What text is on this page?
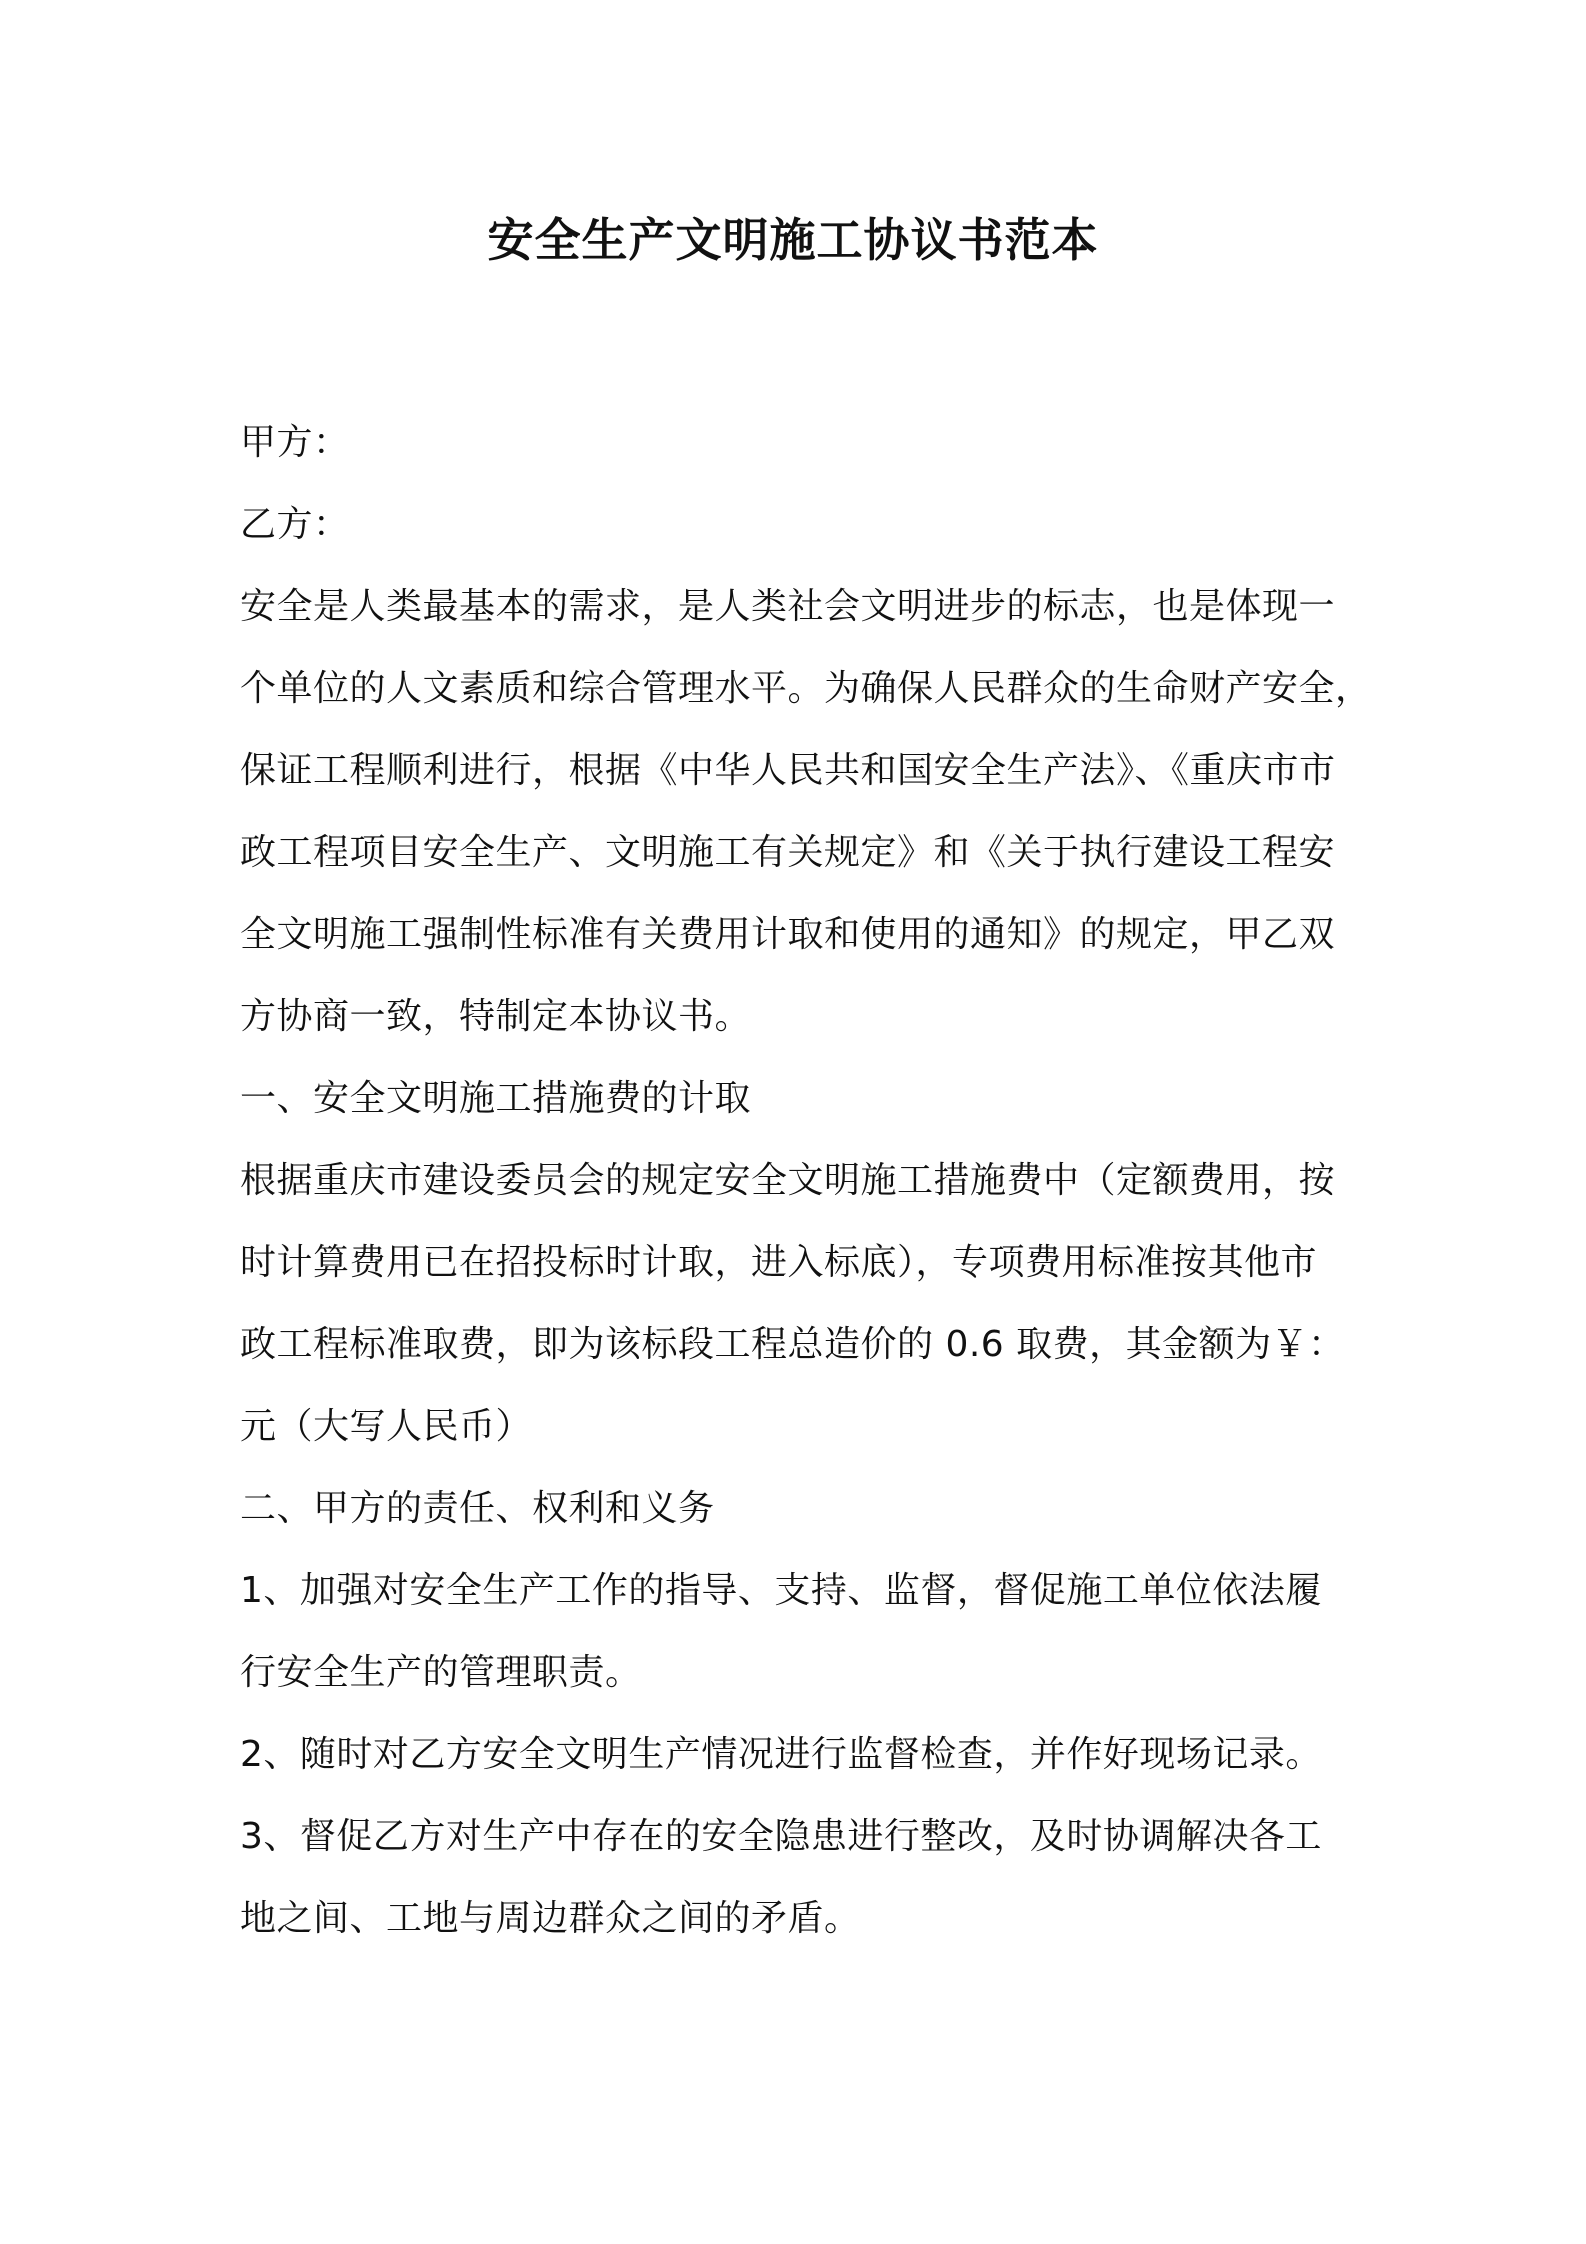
安全生产文明施工协议书范本
甲方：
乙方：
安全是人类最基本的需求，是人类社会文明进步的标志，也是体现一
个单位的人文素质和综合管理水平。为确保人民群众的生命财产安全，
保证工程顺利进行，根据《中华人民共和国安全生产法》、《重庆市市
政工程项目安全生产、文明施工有关规定》和《关于执行建设工程安
全文明施工强制性标准有关费用计取和使用的通知》的规定，甲乙双
方协商一致，特制定本协议书。
一、安全文明施工措施费的计取
根据重庆市建设委员会的规定安全文明施工措施费中（定额费用，按
时计算费用已在招投标时计取，进入标底），专项费用标准按其他市
政工程标准取费，即为该标段工程总造价的 0.6 取费，其金额为￥：
元（大写人民币）
二、甲方的责任、权利和义务
1、加强对安全生产工作的指导、支持、监督，督促施工单位依法履
行安全生产的管理职责。
2、随时对乙方安全文明生产情况进行监督检查，并作好现场记录。
3、督促乙方对生产中存在的安全隐患进行整改，及时协调解决各工
地之间、工地与周边群众之间的矛盾。
